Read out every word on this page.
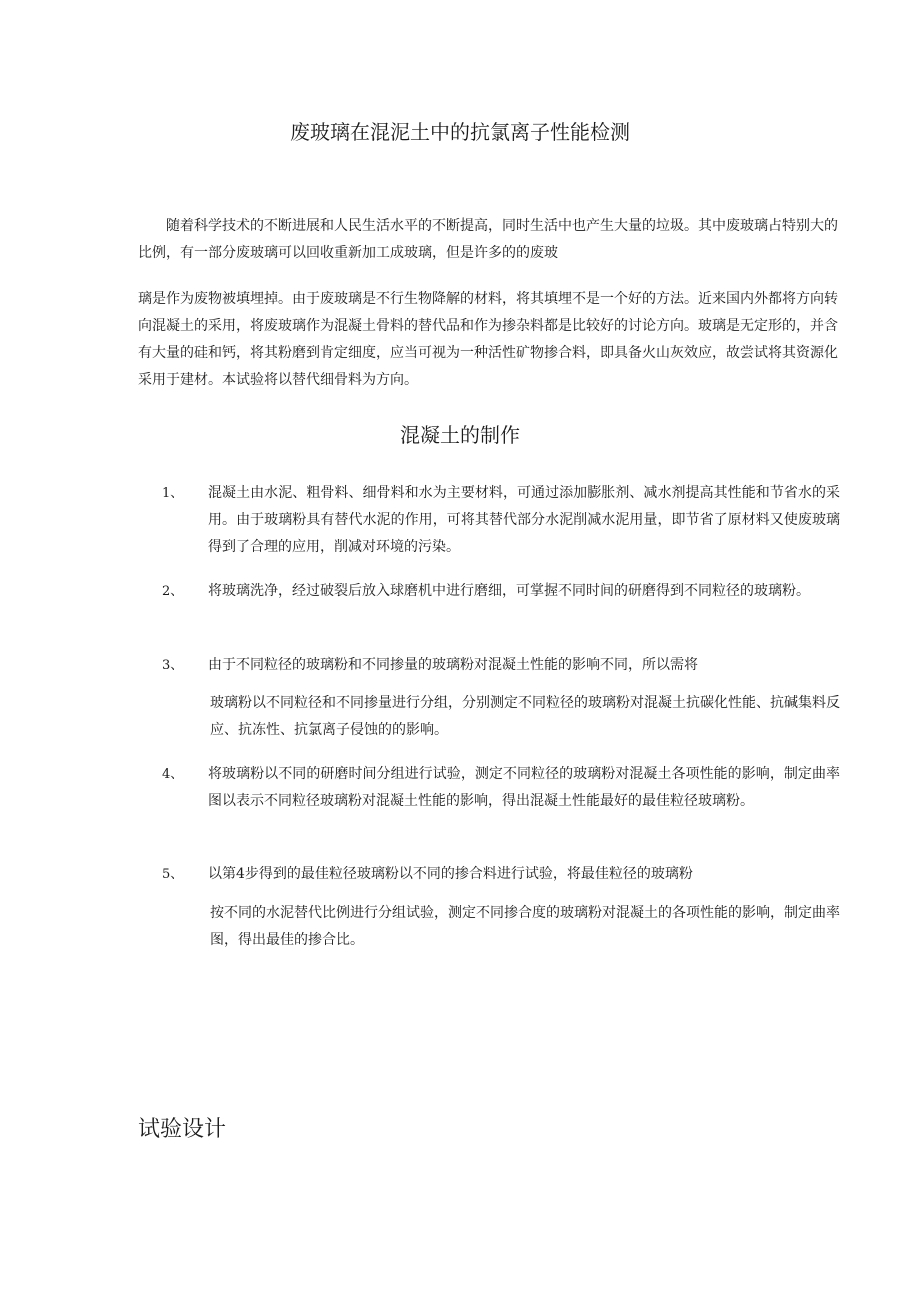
废玻璃在混泥土中的抗氯离子性能检测

随着科学技术的不断进展和人民生活水平的不断提高，同时生活中也产生大量的垃圾。其中废玻璃占特别大的比例，有一部分废玻璃可以回收重新加工成玻璃，但是许多的的废玻

璃是作为废物被填埋掉。由于废玻璃是不行生物降解的材料，将其填埋不是一个好的方法。近来国内外都将方向转向混凝土的采用，将废玻璃作为混凝土骨料的替代品和作为掺杂料都是比较好的讨论方向。玻璃是无定形的，并含有大量的硅和钙，将其粉磨到肯定细度，应当可视为一种活性矿物掺合料，即具备火山灰效应，故尝试将其资源化采用于建材。本试验将以替代细骨料为方向。

混凝土的制作
1、	混凝土由水泥、粗骨料、细骨料和水为主要材料，可通过添加膨胀剂、减水剂提高其性能和节省水的采用。由于玻璃粉具有替代水泥的作用，可将其替代部分水泥削减水泥用量，即节省了原材料又使废玻璃得到了合理的应用，削减对环境的污染。

2、	将玻璃洗净，经过破裂后放入球磨机中进行磨细，可掌握不同时间的研磨得到不同粒径的玻璃粉。

3、	由于不同粒径的玻璃粉和不同掺量的玻璃粉对混凝土性能的影响不同，所以需将

玻璃粉以不同粒径和不同掺量进行分组，分别测定不同粒径的玻璃粉对混凝土抗碳化性能、抗碱集料反应、抗冻性、抗氯离子侵蚀的的影响。

4、	将玻璃粉以不同的研磨时间分组进行试验，测定不同粒径的玻璃粉对混凝土各项性能的影响，制定曲率图以表示不同粒径玻璃粉对混凝土性能的影响，得出混凝土性能最好的最佳粒径玻璃粉。

5、	以第4步得到的最佳粒径玻璃粉以不同的掺合料进行试验，将最佳粒径的玻璃粉

按不同的水泥替代比例进行分组试验，测定不同掺合度的玻璃粉对混凝土的各项性能的影响，制定曲率图，得出最佳的掺合比。

试验设计
